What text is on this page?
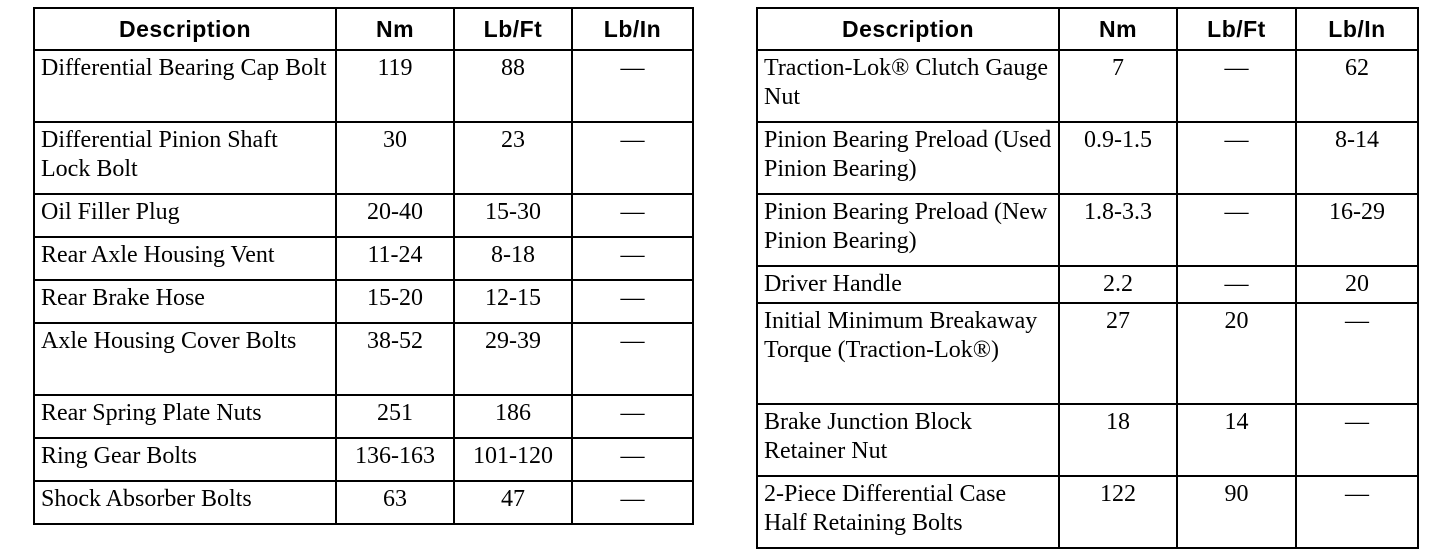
Description	Nm	Lb/Ft	Lb/In
Differential Bearing Cap Bolt	119	88	—
Differential Pinion Shaft Lock Bolt	30	23	—
Oil Filler Plug	20-40	15-30	—
Rear Axle Housing Vent	11-24	8-18	—
Rear Brake Hose	15-20	12-15	—
Axle Housing Cover Bolts	38-52	29-39	—
Rear Spring Plate Nuts	251	186	—
Ring Gear Bolts	136-163	101-120	—
Shock Absorber Bolts	63	47	—
Description	Nm	Lb/Ft	Lb/In
Traction-Lok® Clutch Gauge Nut	7	—	62
Pinion Bearing Preload (Used Pinion Bearing)	0.9-1.5	—	8-14
Pinion Bearing Preload (New Pinion Bearing)	1.8-3.3	—	16-29
Driver Handle	2.2	—	20
Initial Minimum Breakaway Torque (Traction-Lok®)	27	20	—
Brake Junction Block Retainer Nut	18	14	—
2-Piece Differential Case Half Retaining Bolts	122	90	—
